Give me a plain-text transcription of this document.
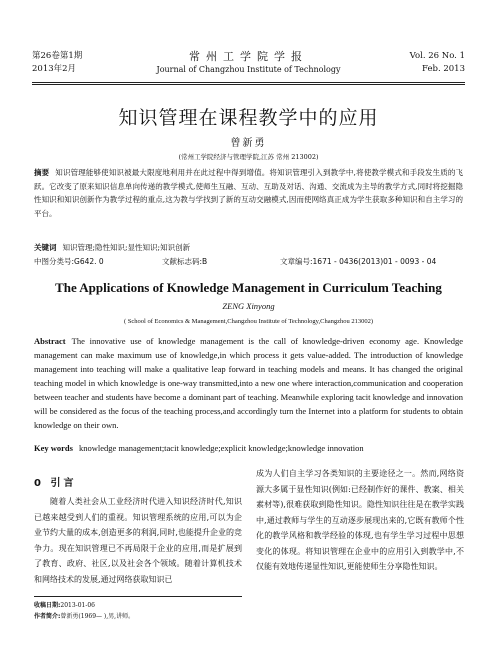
第26卷第1期
2013年2月
常州工学院学报
Journal of Changzhou Institute of Technology
Vol. 26 No. 1
Feb. 2013
知识管理在课程教学中的应用
曾新勇
(常州工学院经济与管理学院,江苏 常州 213002)
摘要 知识管理能够使知识被最大限度地利用并在此过程中得到增值。将知识管理引入到教学中,将使教学模式和手段发生质的飞跃。它改变了原来知识信息单向传递的教学模式,使师生互融、互动、互助及对话、沟通、交流成为主导的教学方式,同时将挖掘隐性知识和知识创新作为教学过程的重点,这为教与学找到了新的互动交融模式,因而使网络真正成为学生获取多种知识和自主学习的平台。
关键词 知识管理;隐性知识;显性知识;知识创新
中图分类号:G642. 0	文献标志码:B	文章编号:1671 - 0436(2013)01 - 0093 - 04
The Applications of Knowledge Management in Curriculum Teaching
ZENG Xinyong
( School of Economics & Management,Changzhou Institute of Technology,Changzhou 213002)
Abstract The innovative use of knowledge management is the call of knowledge-driven economy age. Knowledge management can make maximum use of knowledge,in which process it gets value-added. The introduction of knowledge management into teaching will make a qualitative leap forward in teaching models and means. It has changed the original teaching model in which knowledge is one-way transmitted,into a new one where interaction,communication and cooperation between teacher and students have become a dominant part of teaching. Meanwhile exploring tacit knowledge and innovation will be considered as the focus of the teaching process,and accordingly turn the Internet into a platform for students to obtain knowledge on their own.
Key words knowledge management;tacit knowledge;explicit knowledge;knowledge innovation
0 引言
随着人类社会从工业经济时代进入知识经济时代,知识已越来越受到人们的重视。知识管理系统的应用,可以为企业节约大量的成本,创造更多的利润,同时,也能提升企业的竞争力。现在知识管理已不再局限于企业的应用,而是扩展到了教育、政府、社区,以及社会各个领域。随着计算机技术和网络技术的发展,通过网络获取知识已
成为人们自主学习各类知识的主要途径之一。然而,网络资源大多属于显性知识(例如:已经制作好的课件、教案、相关素材等),很难获取到隐性知识。隐性知识往往是在教学实践中,通过教师与学生的互动逐步展现出来的,它既有教师个性化的教学风格和教学经验的体现,也有学生学习过程中思想变化的体现。将知识管理在企业中的应用引入到教学中,不仅能有效地传递显性知识,更能使师生分享隐性知识。
收稿日期:2013-01-06
作者简介:曾新勇(1969— ),男,讲师。
